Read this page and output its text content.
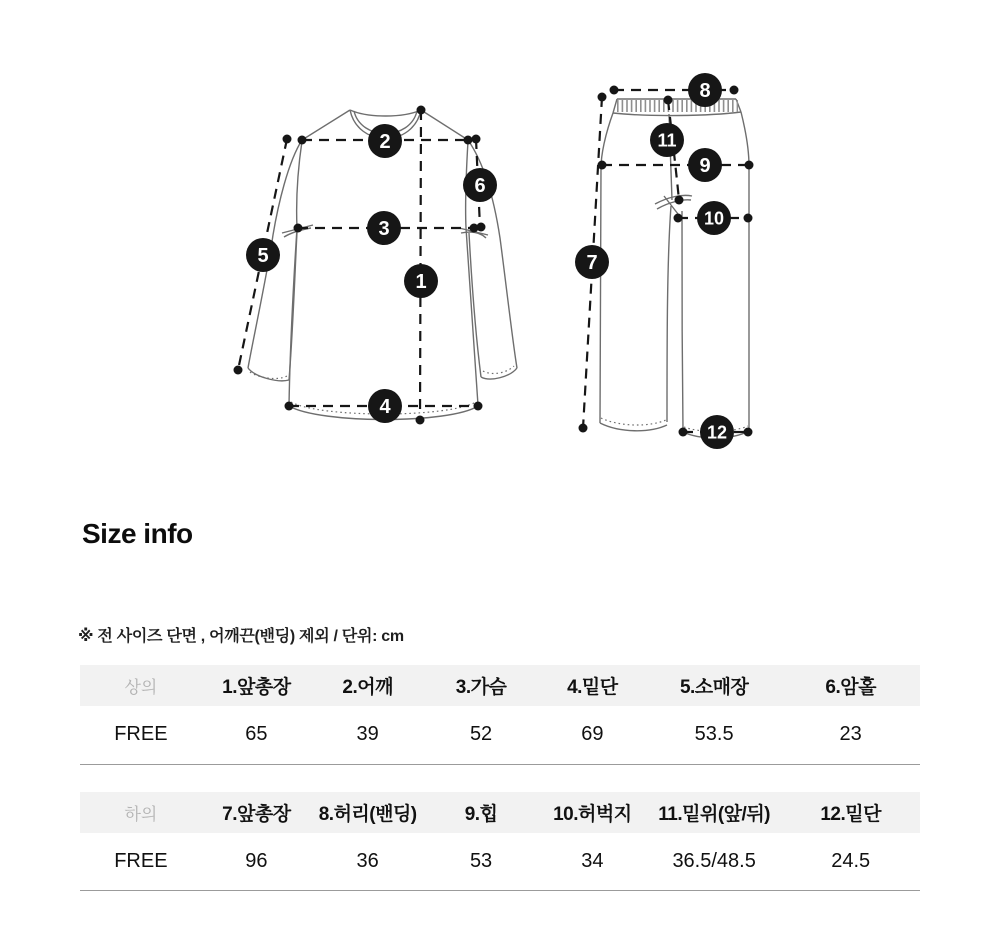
1
2
3
4
5
6
7
8
9
10
11
12
Size info
※ 전 사이즈 단면 , 어깨끈(밴딩) 제외 / 단위: cm
상의	1.앞총장	2.어깨	3.가슴	4.밑단	5.소매장	6.암홀
FREE	65	39	52	69	53.5	23
하의	7.앞총장	8.허리(밴딩)	9.힙	10.허벅지	11.밑위(앞/뒤)	12.밑단
FREE	96	36	53	34	36.5/48.5	24.5
